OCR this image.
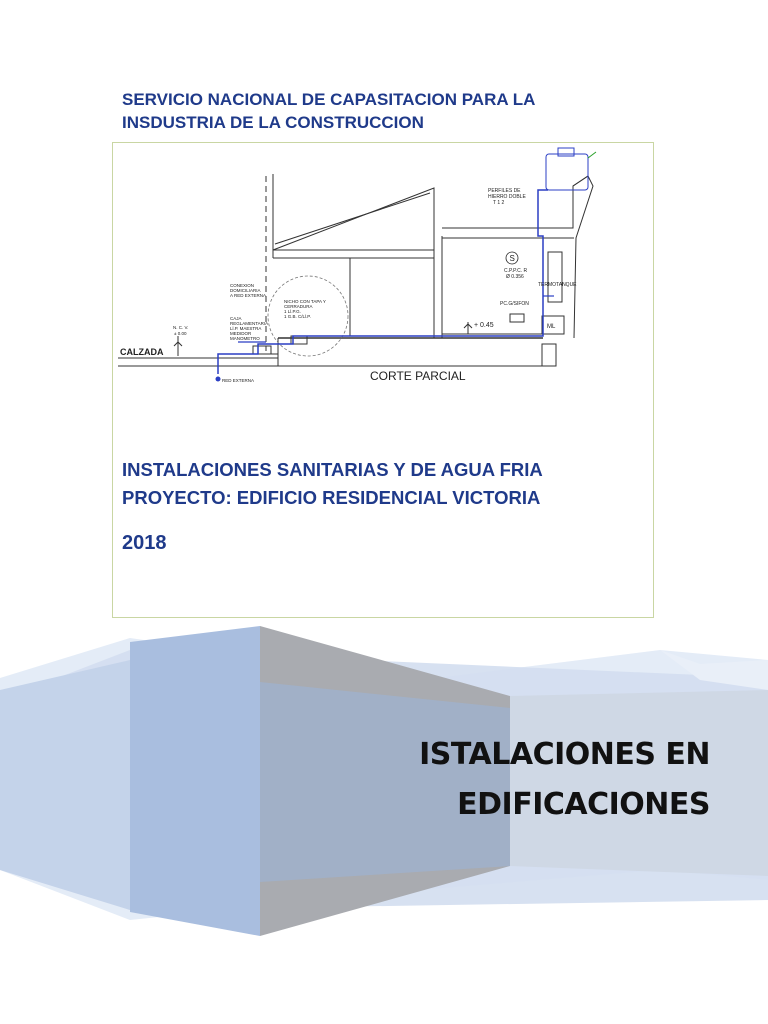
SERVICIO NACIONAL DE CAPASITACION PARA LA
INSDUSTRIA DE LA CONSTRUCCION
S
PERFILES DE
HIERRO DOBLE
T 1 2
C.P.P.C. R
Ø 0.356
TERMOTANQUE
PC.G/SIFON
+ 0.45	ML
CONEXION
DOMICILIARIA
A RED EXTERNA
NICHO CON TAPA Y
CERRADURA
1 Ll.P.G.
1 G.B. C/Ll.P.
CAJA
REGLAMENTARIA
Ll.P. MAESTRA
MEDIDOR
MANOMETRO
N. C. V.
± 0.00
CALZADA
RED EXTERNA	CORTE PARCIAL
INSTALACIONES SANITARIAS Y DE AGUA FRIA
PROYECTO: EDIFICIO RESIDENCIAL VICTORIA
2018
ISTALACIONES EN
EDIFICACIONES
